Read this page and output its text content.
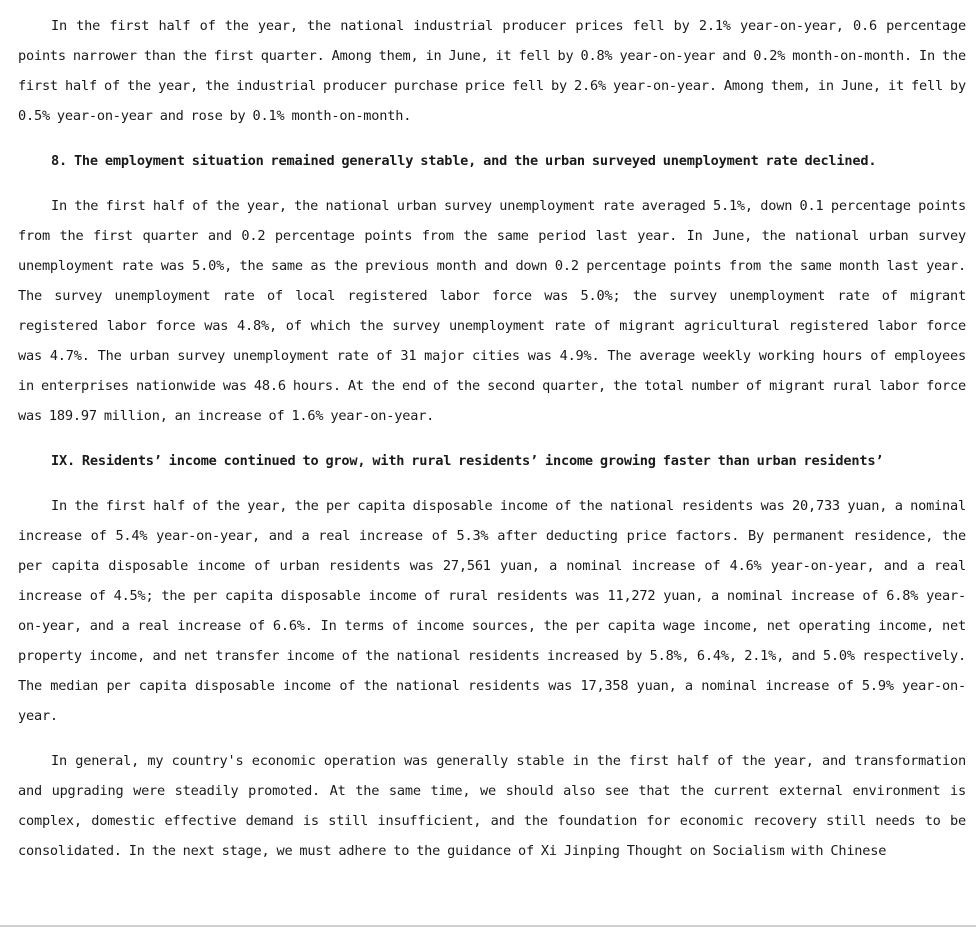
In the first half of the year, the national industrial producer prices fell by 2.1% year-on-year, 0.6 percentage points narrower than the first quarter. Among them, in June, it fell by 0.8% year-on-year and 0.2% month-on-month. In the first half of the year, the industrial producer purchase price fell by 2.6% year-on-year. Among them, in June, it fell by 0.5% year-on-year and rose by 0.1% month-on-month.

8. The employment situation remained generally stable, and the urban surveyed unemployment rate declined.

In the first half of the year, the national urban survey unemployment rate averaged 5.1%, down 0.1 percentage points from the first quarter and 0.2 percentage points from the same period last year. In June, the national urban survey unemployment rate was 5.0%, the same as the previous month and down 0.2 percentage points from the same month last year. The survey unemployment rate of local registered labor force was 5.0%; the survey unemployment rate of migrant registered labor force was 4.8%, of which the survey unemployment rate of migrant agricultural registered labor force was 4.7%. The urban survey unemployment rate of 31 major cities was 4.9%. The average weekly working hours of employees in enterprises nationwide was 48.6 hours. At the end of the second quarter, the total number of migrant rural labor force was 189.97 million, an increase of 1.6% year-on-year.

IX. Residents’ income continued to grow, with rural residents’ income growing faster than urban residents’

In the first half of the year, the per capita disposable income of the national residents was 20,733 yuan, a nominal increase of 5.4% year-on-year, and a real increase of 5.3% after deducting price factors. By permanent residence, the per capita disposable income of urban residents was 27,561 yuan, a nominal increase of 4.6% year-on-year, and a real increase of 4.5%; the per capita disposable income of rural residents was 11,272 yuan, a nominal increase of 6.8% year-on-year, and a real increase of 6.6%. In terms of income sources, the per capita wage income, net operating income, net property income, and net transfer income of the national residents increased by 5.8%, 6.4%, 2.1%, and 5.0% respectively. The median per capita disposable income of the national residents was 17,358 yuan, a nominal increase of 5.9% year-on-year.

In general, my country's economic operation was generally stable in the first half of the year, and transformation and upgrading were steadily promoted. At the same time, we should also see that the current external environment is complex, domestic effective demand is still insufficient, and the foundation for economic recovery still needs to be consolidated. In the next stage, we must adhere to the guidance of Xi Jinping Thought on Socialism with Chinese
